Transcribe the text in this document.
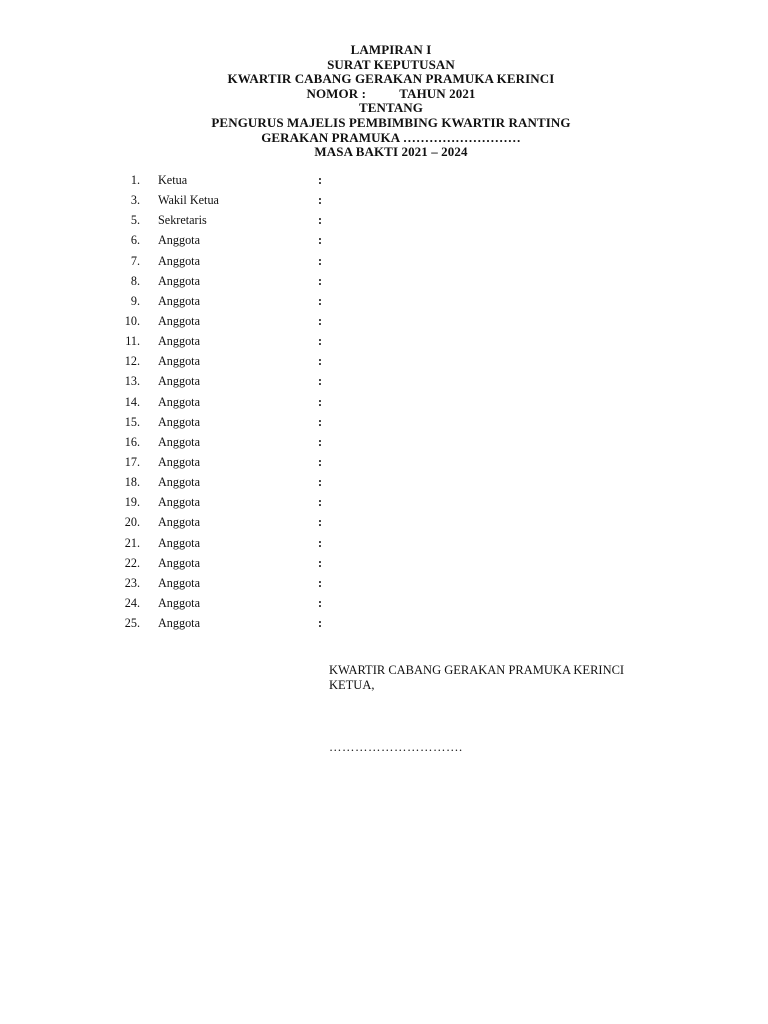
LAMPIRAN I
SURAT KEPUTUSAN
KWARTIR CABANG GERAKAN PRAMUKA KERINCI
NOMOR :          TAHUN 2021
TENTANG
PENGURUS MAJELIS PEMBIMBING KWARTIR RANTING
GERAKAN PRAMUKA ………………………
MASA BAKTI 2021 – 2024
1. Ketua	:
3. Wakil Ketua	:
5. Sekretaris	:
6. Anggota	:
7. Anggota	:
8. Anggota	:
9. Anggota	:
10. Anggota	:
11. Anggota	:
12. Anggota	:
13. Anggota	:
14. Anggota	:
15. Anggota	:
16. Anggota	:
17. Anggota	:
18. Anggota	:
19. Anggota	:
20. Anggota	:
21. Anggota	:
22. Anggota	:
23. Anggota	:
24. Anggota	:
25. Anggota	:
KWARTIR CABANG GERAKAN PRAMUKA KERINCI
KETUA,
………………………….
